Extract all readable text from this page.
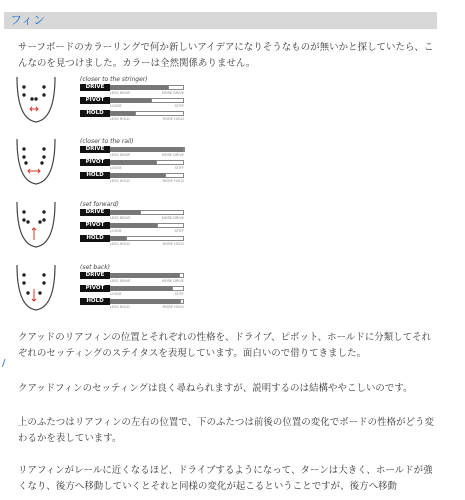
フィン
サーフボードのカラーリングで何か新しいアイデアになりそうなものが無いかと探していたら、こんなのを見つけました。カラーは全然関係ありません。
(closer to the stringer)
DRIVE
LESS DRIVE	MORE DRIVE
PIVOT
LOOSE	STIFF
HOLD
LESS HOLD	MORE HOLD
(closer to the rail)
DRIVE
LESS DRIVE	MORE DRIVE
PIVOT
LOOSE	STIFF
HOLD
LESS HOLD	MORE HOLD
(set forward)
DRIVE
LESS DRIVE	MORE DRIVE
PIVOT
LOOSE	STIFF
HOLD
LESS HOLD	MORE HOLD
(set back)
DRIVE
LESS DRIVE	MORE DRIVE
PIVOT
LOOSE	STIFF
HOLD
LESS HOLD	MORE HOLD
/
クアッドのリアフィンの位置とそれぞれの性格を、ドライブ、ピボット、ホールドに分類してそれぞれのセッティングのステイタスを表現しています。面白いので借りてきました。
クアッドフィンのセッティングは良く尋ねられますが、説明するのは結構ややこしいのです。
上のふたつはリアフィンの左右の位置で、下のふたつは前後の位置の変化でボードの性格がどう変わるかを表しています。
リアフィンがレールに近くなるほど、ドライブするようになって、ターンは大きく、ホールドが強くなり、後方へ移動していくとそれと同様の変化が起こるということですが、後方へ移動
